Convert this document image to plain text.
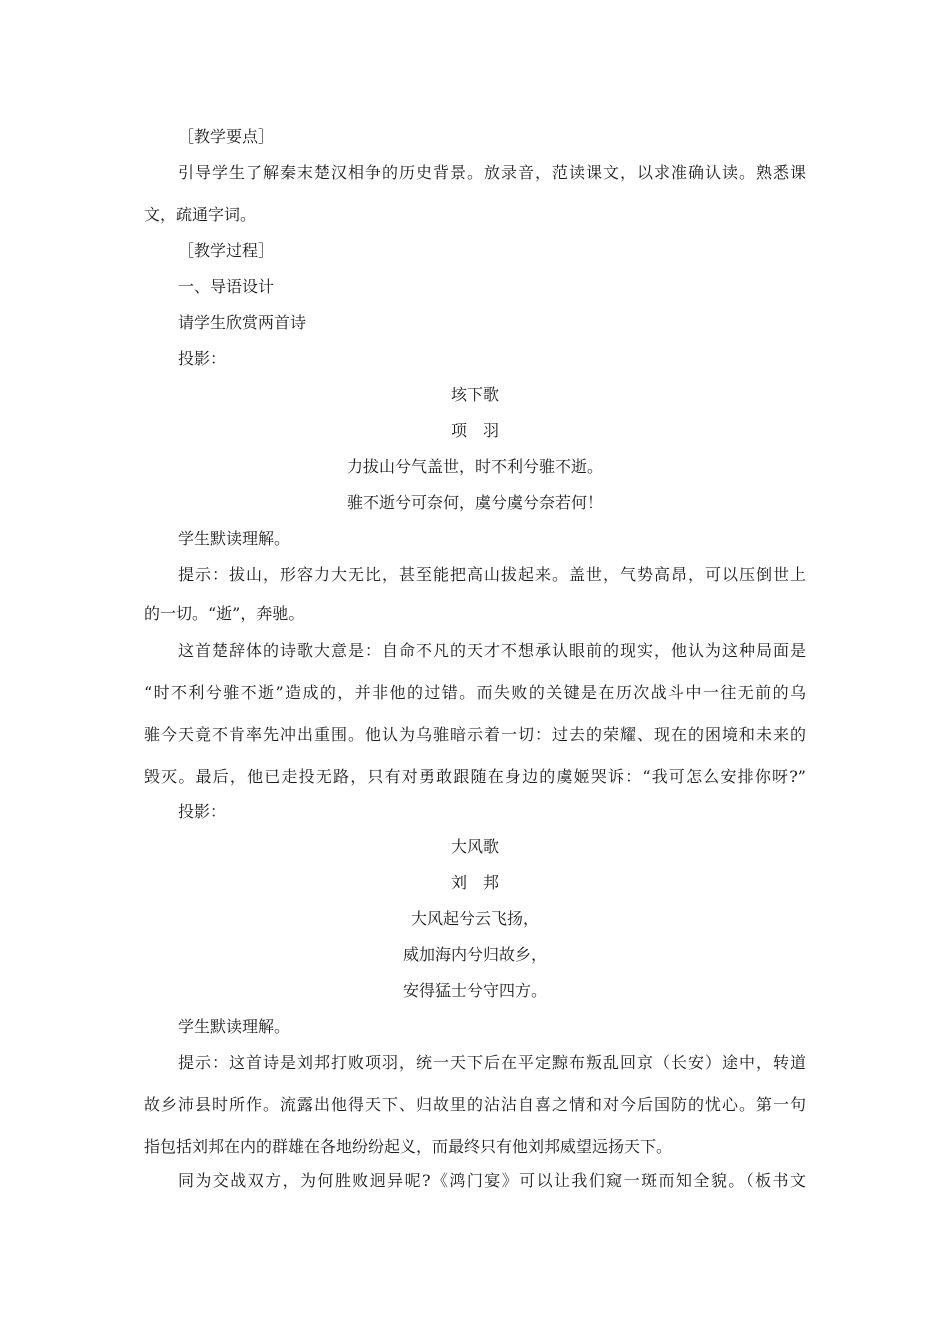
［教学要点］
引导学生了解秦末楚汉相争的历史背景。放录音，范读课文，以求准确认读。熟悉课
文，疏通字词。
［教学过程］
一、导语设计
请学生欣赏两首诗
投影：
垓下歌
项　羽
力拔山兮气盖世，时不利兮骓不逝。
骓不逝兮可奈何，虞兮虞兮奈若何！
学生默读理解。
提示：拔山，形容力大无比，甚至能把高山拔起来。盖世，气势高昂，可以压倒世上
的一切。“逝”，奔驰。
这首楚辞体的诗歌大意是：自命不凡的天才不想承认眼前的现实，他认为这种局面是
“时不利兮骓不逝”造成的，并非他的过错。而失败的关键是在历次战斗中一往无前的乌
骓今天竟不肯率先冲出重围。他认为乌骓暗示着一切：过去的荣耀、现在的困境和未来的
毁灭。最后，他已走投无路，只有对勇敢跟随在身边的虞姬哭诉：“我可怎么安排你呀?”
投影：
大风歌
刘　邦
大风起兮云飞扬，
威加海内兮归故乡，
安得猛士兮守四方。
学生默读理解。
提示：这首诗是刘邦打败项羽，统一天下后在平定黥布叛乱回京（长安）途中，转道
故乡沛县时所作。流露出他得天下、归故里的沾沾自喜之情和对今后国防的忧心。第一句
指包括刘邦在内的群雄在各地纷纷起义，而最终只有他刘邦威望远扬天下。
同为交战双方，为何胜败迥异呢?《鸿门宴》可以让我们窥一斑而知全貌。（板书文
